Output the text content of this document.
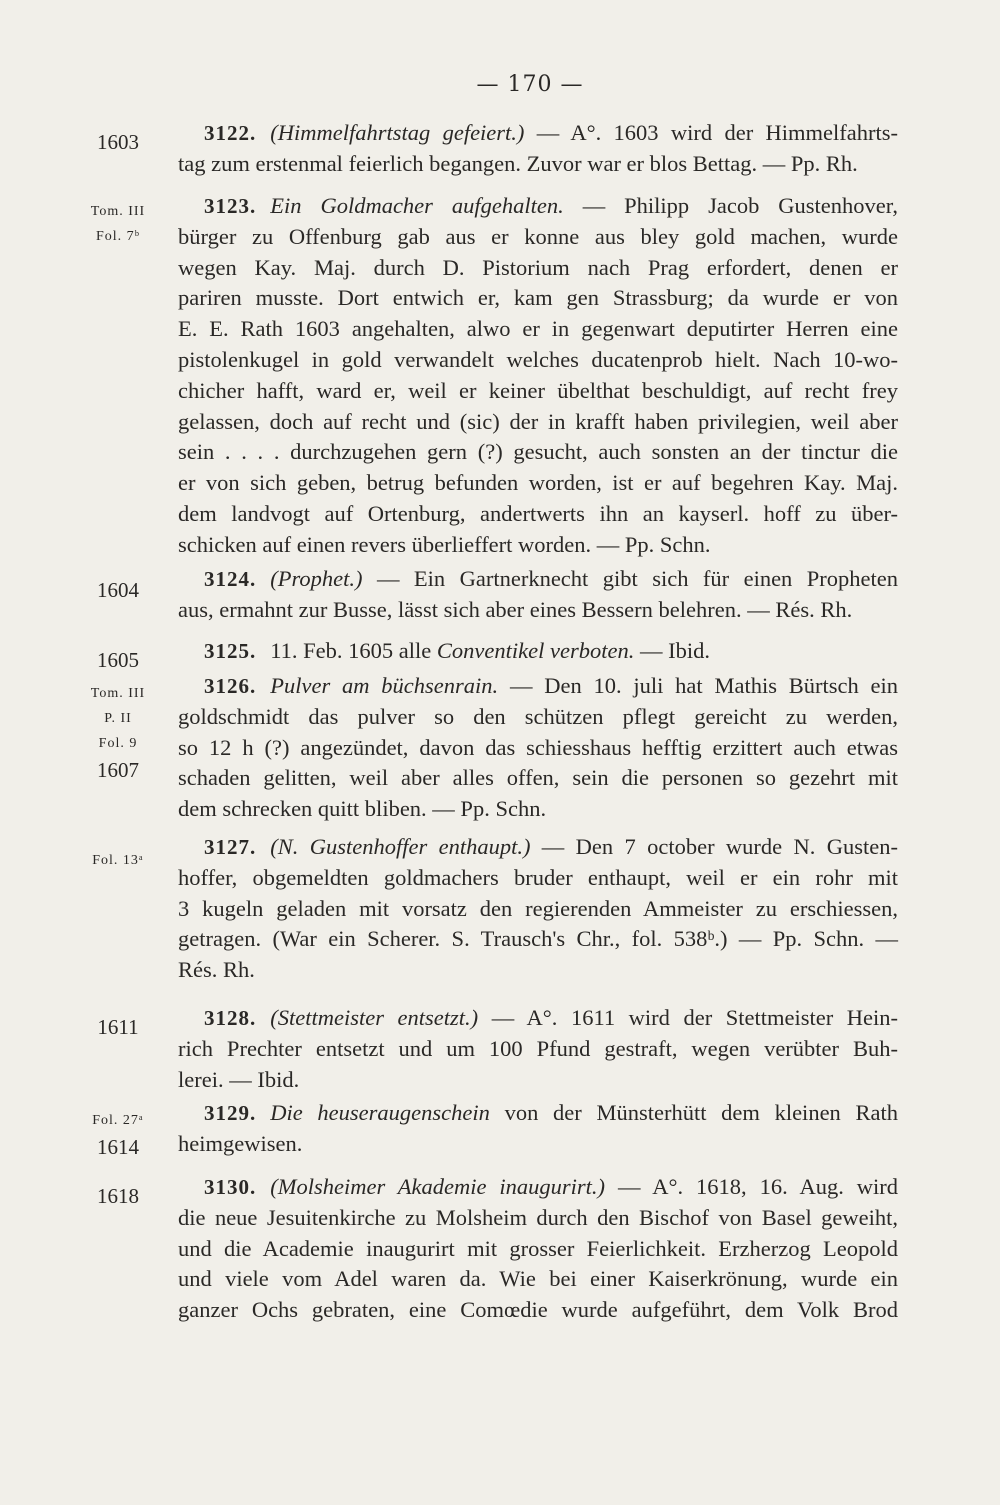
— 170 —
1603	3122. (Himmelfahrtstag gefeiert.) — A°. 1603 wird der Himmelfahrts-
tag zum erstenmal feierlich begangen. Zuvor war er blos Bettag. — Pp. Rh.
Tom. III
Fol. 7ᵇ
3123. Ein Goldmacher aufgehalten. — Philipp Jacob Gustenhover,
bürger zu Offenburg gab aus er konne aus bley gold machen, wurde
wegen Kay. Maj. durch D. Pistorium nach Prag erfordert, denen er
pariren musste. Dort entwich er, kam gen Strassburg; da wurde er von
E. E. Rath 1603 angehalten, alwo er in gegenwart deputirter Herren eine
pistolenkugel in gold verwandelt welches ducatenprob hielt. Nach 10-wo-
chicher hafft, ward er, weil er keiner übelthat beschuldigt, auf recht frey
gelassen, doch auf recht und (sic) der in krafft haben privilegien, weil aber
sein . . . . durchzugehen gern (?) gesucht, auch sonsten an der tinctur die
er von sich geben, betrug befunden worden, ist er auf begehren Kay. Maj.
dem landvogt auf Ortenburg, andertwerts ihn an kayserl. hoff zu über-
schicken auf einen revers überlieffert worden. — Pp. Schn.
1604	3124. (Prophet.) — Ein Gartnerknecht gibt sich für einen Propheten
aus, ermahnt zur Busse, lässt sich aber eines Bessern belehren. — Rés. Rh.
1605	3125. 11. Feb. 1605 alle Conventikel verboten. — Ibid.
Tom. III
P. II
Fol. 9
1607
3126. Pulver am büchsenrain. — Den 10. juli hat Mathis Bürtsch ein
goldschmidt das pulver so den schützen pflegt gereicht zu werden,
so 12 h (?) angezündet, davon das schiesshaus hefftig erzittert auch etwas
schaden gelitten, weil aber alles offen, sein die personen so gezehrt mit
dem schrecken quitt bliben. — Pp. Schn.
Fol. 13ᵃ
3127. (N. Gustenhoffer enthaupt.) — Den 7 october wurde N. Gusten-
hoffer, obgemeldten goldmachers bruder enthaupt, weil er ein rohr mit
3 kugeln geladen mit vorsatz den regierenden Ammeister zu erschiessen,
getragen. (War ein Scherer. S. Trausch's Chr., fol. 538ᵇ.) — Pp. Schn. —
Rés. Rh.
1611	3128. (Stettmeister entsetzt.) — A°. 1611 wird der Stettmeister Hein-
rich Prechter entsetzt und um 100 Pfund gestraft, wegen verübter Buh-
lerei. — Ibid.
Fol. 27ᵃ
1614
3129. Die heuseraugenschein von der Münsterhütt dem kleinen Rath
heimgewisen.
1618	3130. (Molsheimer Akademie inaugurirt.) — A°. 1618, 16. Aug. wird
die neue Jesuitenkirche zu Molsheim durch den Bischof von Basel geweiht,
und die Academie inaugurirt mit grosser Feierlichkeit. Erzherzog Leopold
und viele vom Adel waren da. Wie bei einer Kaiserkrönung, wurde ein
ganzer Ochs gebraten, eine Comœdie wurde aufgeführt, dem Volk Brod
